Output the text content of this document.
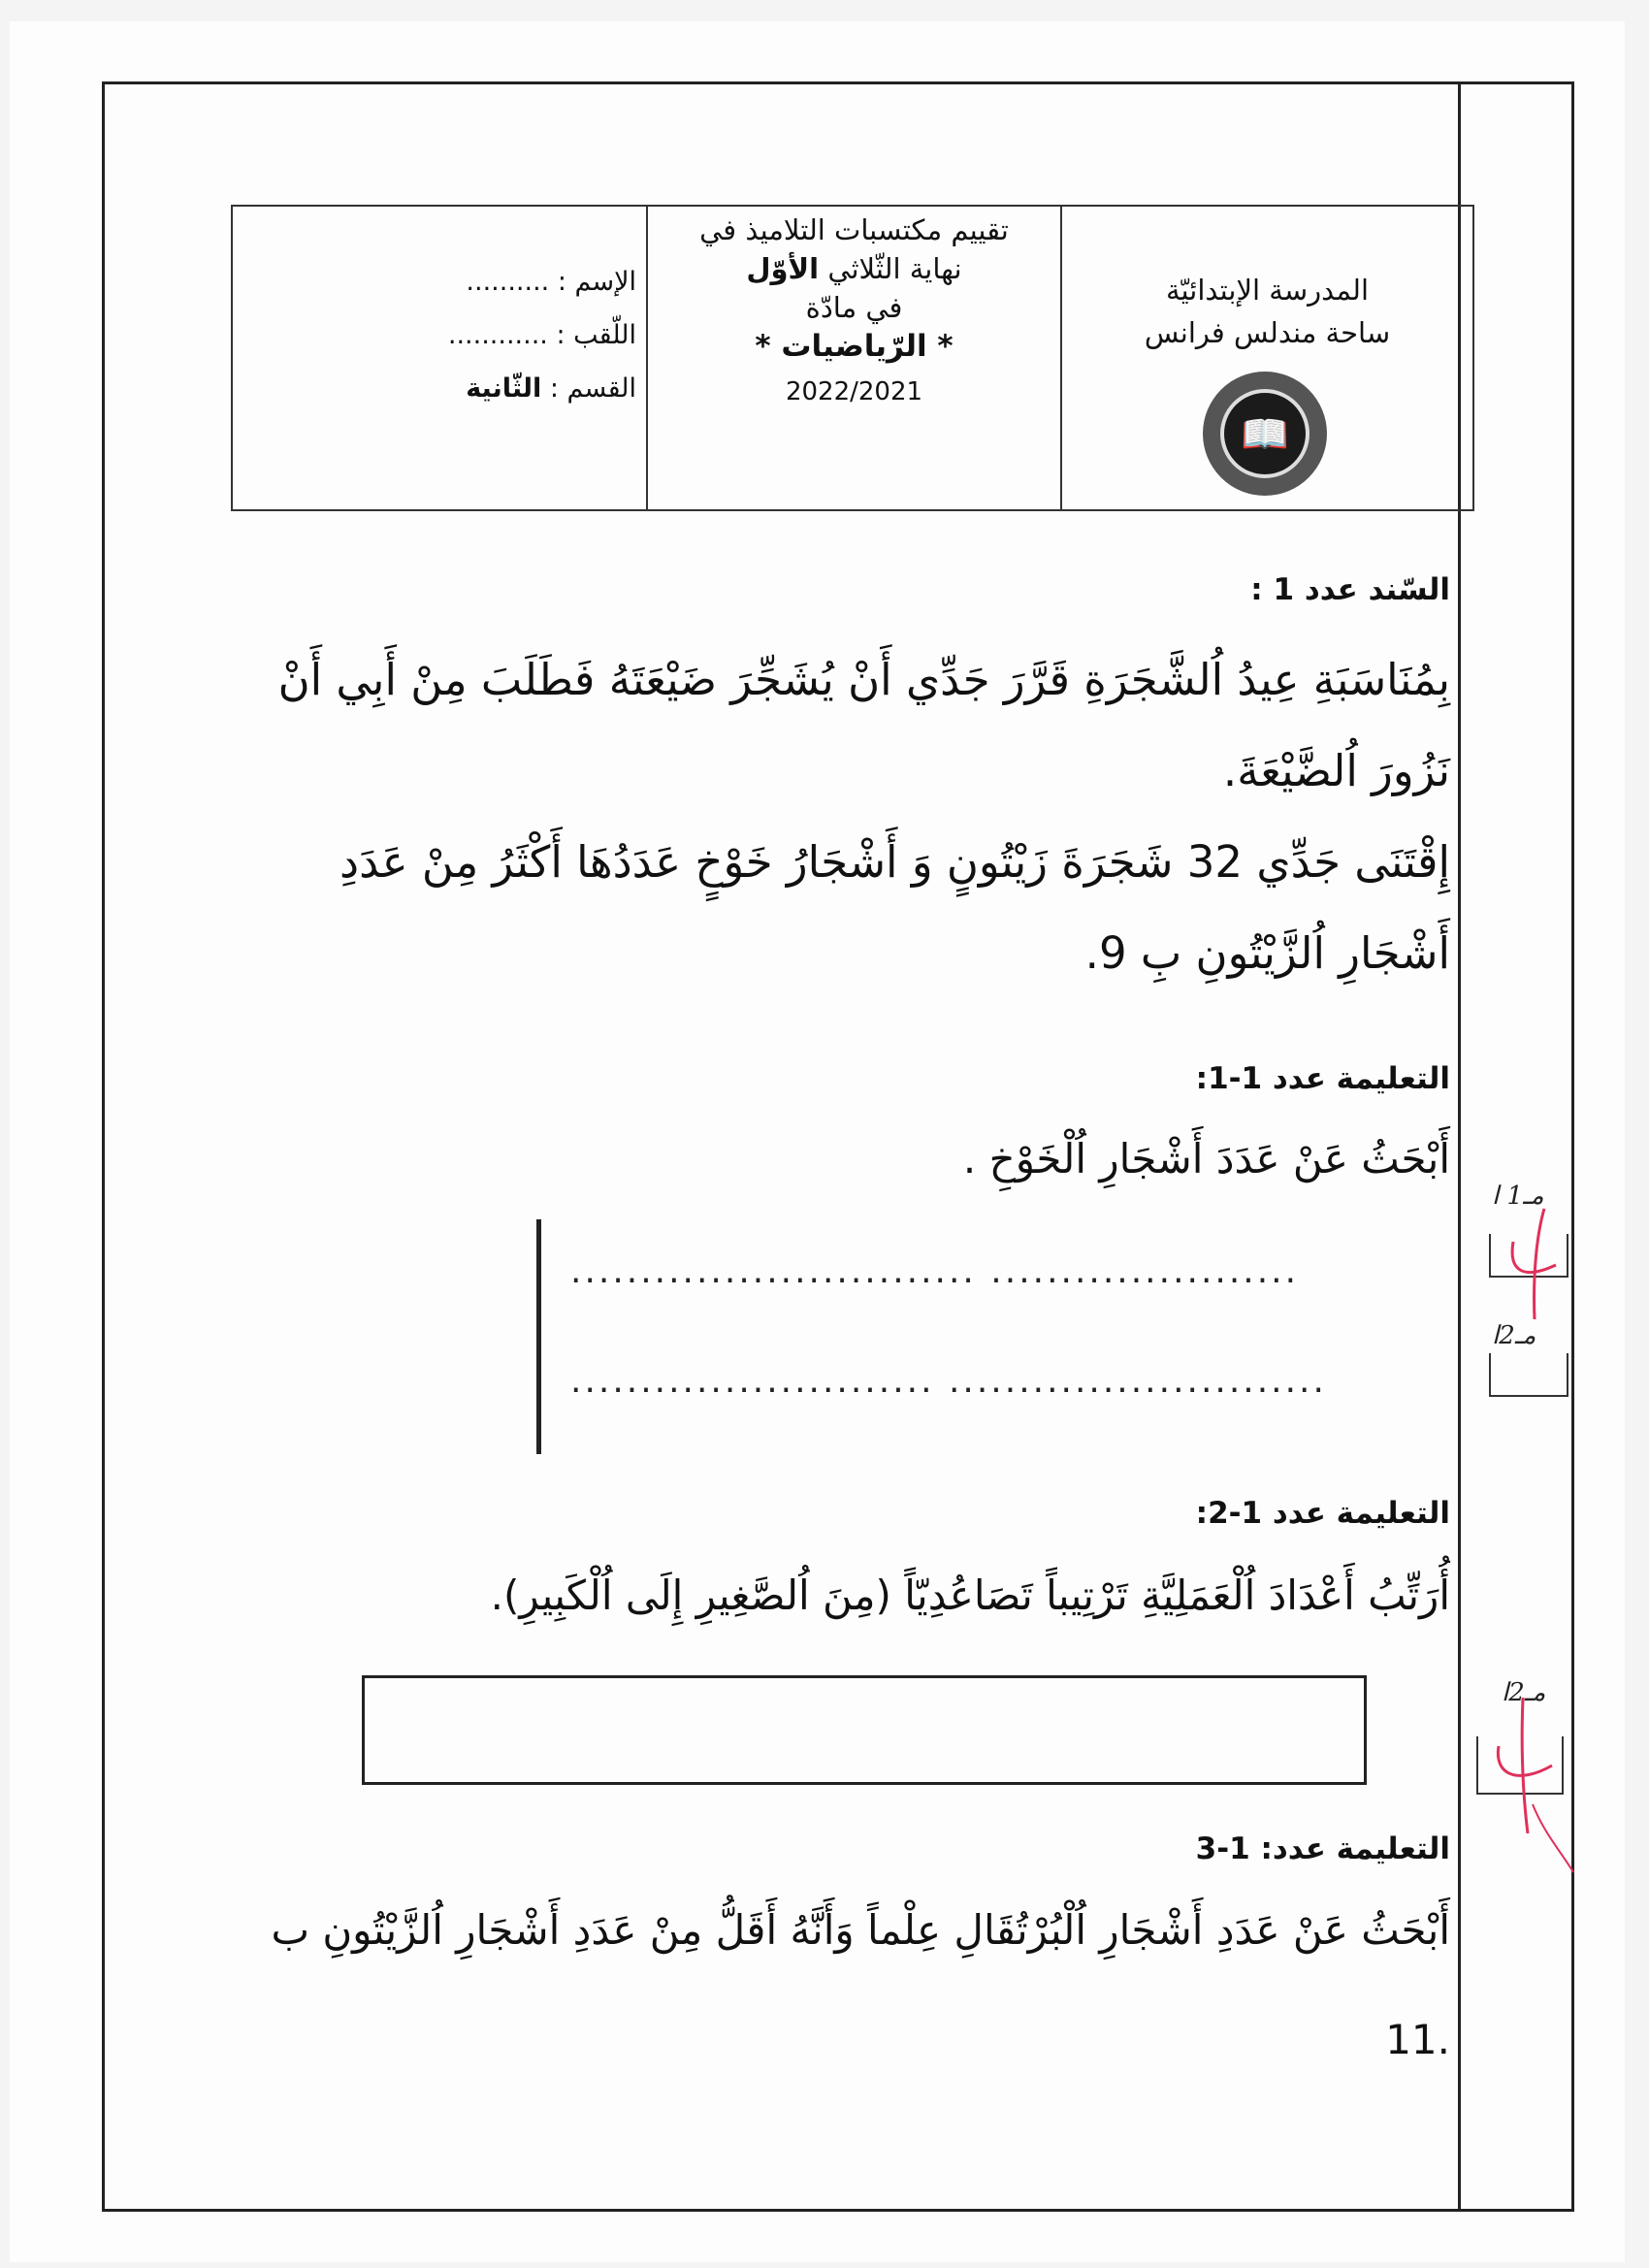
الإسم : ..........
اللّقب : ............
القسم : الثّانية
تقييم مكتسبات التلاميذ في
نهاية الثّلاثي الأوّل
في مادّة
* الرّياضيات *
2022/2021
المدرسة الإبتدائيّة
ساحة مندلس فرانس
📖
السّند عدد 1 :
بِمُنَاسَبَةِ عِيدُ اُلشَّجَرَةِ قَرَّرَ جَدِّي أَنْ يُشَجِّرَ ضَيْعَتَهُ فَطَلَبَ مِنْ أَبِي أَنْ
نَزُورَ اُلضَّيْعَةَ.
إِقْتَنَى جَدِّي 32 شَجَرَةَ زَيْتُونٍ وَ أَشْجَارُ خَوْخٍ عَدَدُهَا أَكْثَرُ مِنْ عَدَدِ
أَشْجَارِ اُلزَّيْتُونِ بِ 9.
التعليمة عدد 1-1:
أَبْحَثُ عَنْ عَدَدَ أَشْجَارِ اُلْخَوْخِ .
............................. ......................
.......................... ...........................
التعليمة عدد 1-2:
أُرَتِّبُ أَعْدَادَ اُلْعَمَلِيَّةِ تَرْتِيباً تَصَاعُدِيّاً (مِنَ اُلصَّغِيرِ إِلَى اُلْكَبِيرِ).
التعليمة عدد: 1-3
أَبْحَثُ عَنْ عَدَدِ أَشْجَارِ اُلْبُرْتُقَالِ عِلْماً وَأَنَّهُ أَقَلُّ مِنْ عَدَدِ أَشْجَارِ اُلزَّيْتُونِ ب
.11
مـ1 ا
مـ2ا
مـ2ا
